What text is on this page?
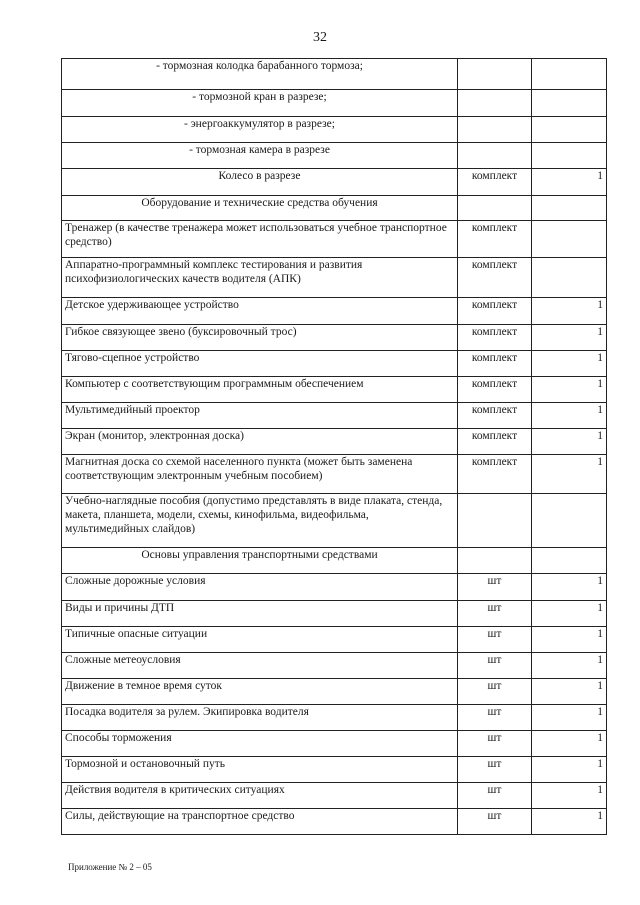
32
- тормозная колодка барабанного тормоза;		
- тормозной кран в разрезе;		
- энергоаккумулятор в разрезе;		
- тормозная камера в разрезе		
Колесо в разрезе	комплект	1
Оборудование и технические средства обучения		
Тренажер (в качестве тренажера может использоваться учебное транспортное средство)	комплект	
Аппаратно-программный комплекс тестирования и развития психофизиологических качеств водителя (АПК)	комплект	
Детское удерживающее устройство	комплект	1
Гибкое связующее звено (буксировочный трос)	комплект	1
Тягово-сцепное устройство	комплект	1
Компьютер с соответствующим программным обеспечением	комплект	1
Мультимедийный проектор	комплект	1
Экран (монитор, электронная доска)	комплект	1
Магнитная доска со схемой населенного пункта (может быть заменена соответствующим электронным учебным пособием)	комплект	1
Учебно-наглядные пособия (допустимо представлять в виде плаката, стенда, макета, планшета, модели, схемы, кинофильма, видеофильма, мультимедийных слайдов)		
Основы управления транспортными средствами		
Сложные дорожные условия	шт	1
Виды и причины ДТП	шт	1
Типичные опасные ситуации	шт	1
Сложные метеоусловия	шт	1
Движение в темное время суток	шт	1
Посадка водителя за рулем. Экипировка водителя	шт	1
Способы торможения	шт	1
Тормозной и остановочный путь	шт	1
Действия водителя в критических ситуациях	шт	1
Силы, действующие на транспортное средство	шт	1
Приложение № 2 – 05
